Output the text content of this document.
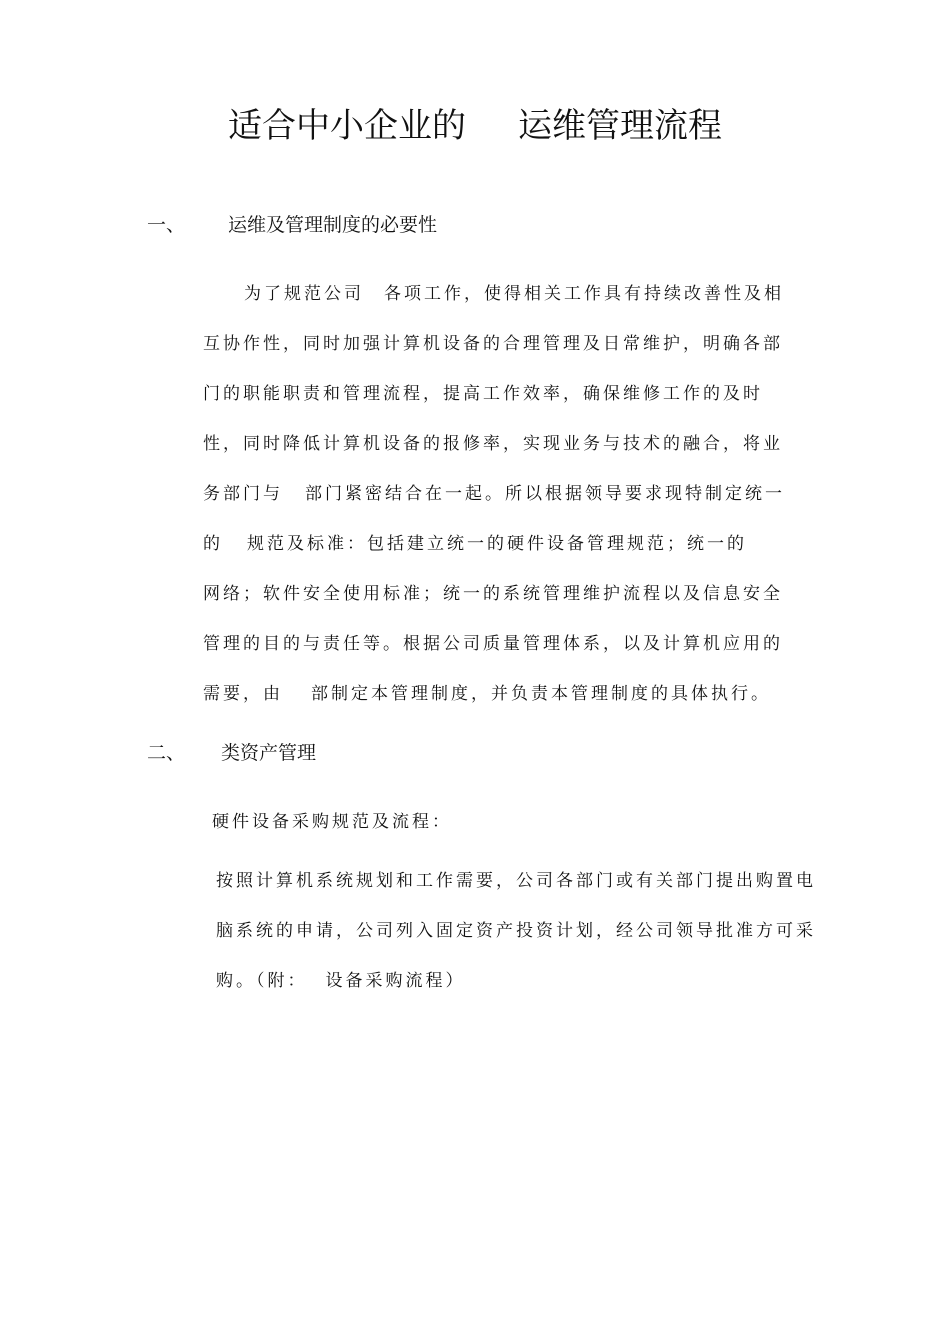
适合中小企业的 运维管理流程
一、 运维及管理制度的必要性
为了规范公司 各项工作，使得相关工作具有持续改善性及相
互协作性，同时加强计算机设备的合理管理及日常维护，明确各部
门的职能职责和管理流程，提高工作效率，确保维修工作的及时
性，同时降低计算机设备的报修率，实现业务与技术的融合，将业
务部门与 部门紧密结合在一起。所以根据领导要求现特制定统一
的 规范及标准：包括建立统一的硬件设备管理规范；统一的
网络；软件安全使用标准；统一的系统管理维护流程以及信息安全
管理的目的与责任等。根据公司质量管理体系，以及计算机应用的
需要，由 部制定本管理制度，并负责本管理制度的具体执行。
二、 类资产管理
硬件设备采购规范及流程：
按照计算机系统规划和工作需要，公司各部门或有关部门提出购置电
脑系统的申请，公司列入固定资产投资计划，经公司领导批准方可采
购。（附： 设备采购流程）
